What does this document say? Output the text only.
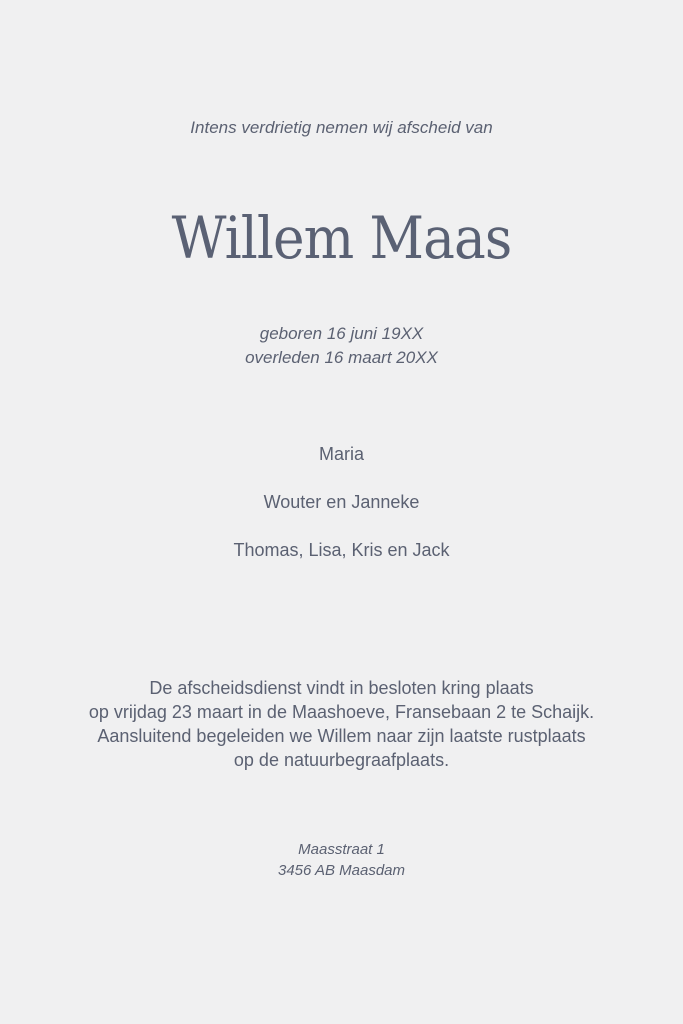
Intens verdrietig nemen wij afscheid van
Willem Maas
geboren 16 juni 19XX
overleden 16 maart 20XX
Maria
Wouter en Janneke
Thomas, Lisa, Kris en Jack
De afscheidsdienst vindt in besloten kring plaats
op vrijdag 23 maart in de Maashoeve, Fransebaan 2 te Schaijk.
Aansluitend begeleiden we Willem naar zijn laatste rustplaats
op de natuurbegraafplaats.
Maasstraat 1
3456 AB Maasdam
